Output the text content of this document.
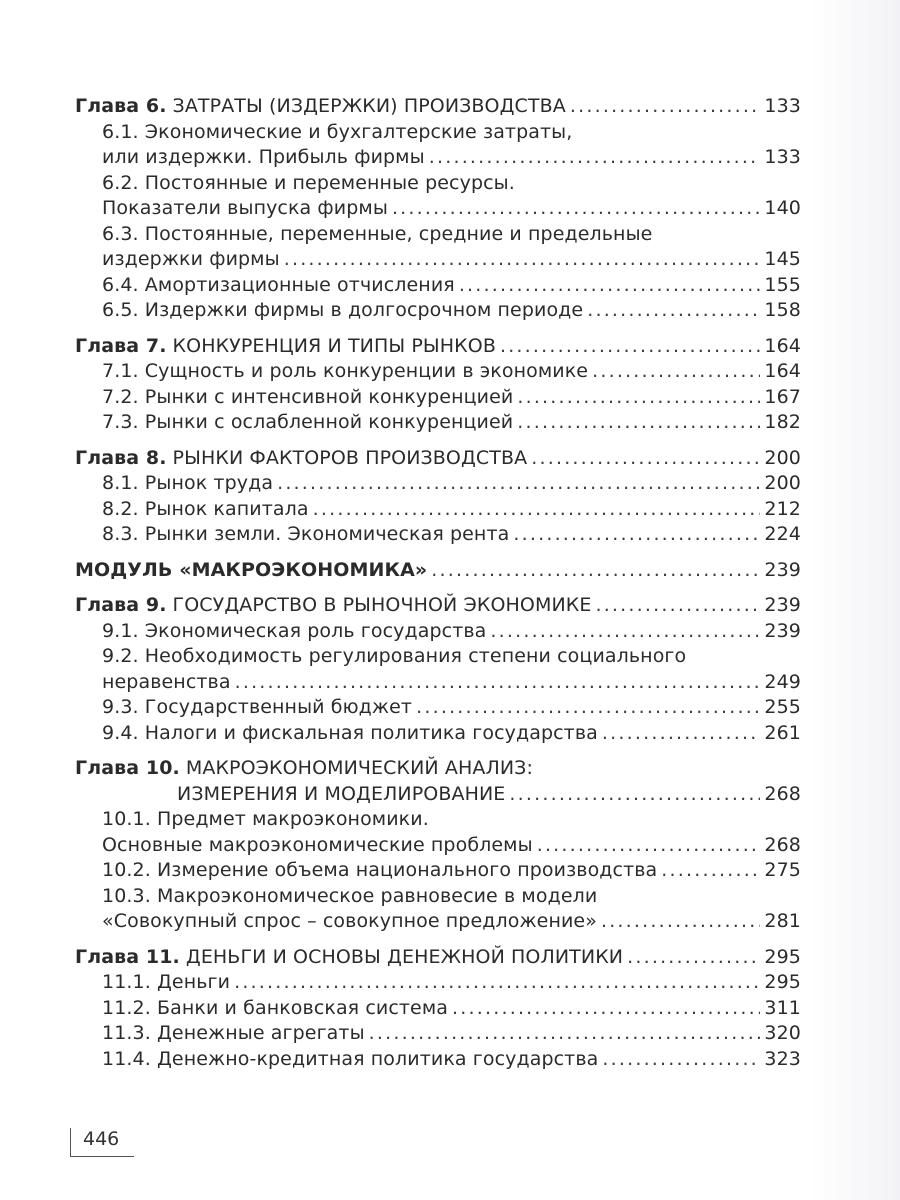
Глава 6. ЗАТРАТЫ (ИЗДЕРЖКИ) ПРОИЗВОДСТВА .....	133
6.1. Экономические и бухгалтерские затраты,
или издержки. Прибыль фирмы .....	133
6.2. Постоянные и переменные ресурсы.
Показатели выпуска фирмы .....	140
6.3. Постоянные, переменные, средние и предельные
издержки фирмы .....	145
6.4. Амортизационные отчисления .....	155
6.5. Издержки фирмы в долгосрочном периоде .....	158
Глава 7. КОНКУРЕНЦИЯ И ТИПЫ РЫНКОВ .....	164
7.1. Сущность и роль конкуренции в экономике .....	164
7.2. Рынки с интенсивной конкуренцией .....	167
7.3. Рынки с ослабленной конкуренцией .....	182
Глава 8. РЫНКИ ФАКТОРОВ ПРОИЗВОДСТВА .....	200
8.1. Рынок труда .....	200
8.2. Рынок капитала .....	212
8.3. Рынки земли. Экономическая рента .....	224
МОДУЛЬ «МАКРОЭКОНОМИКА» .....	239
Глава 9. ГОСУДАРСТВО В РЫНОЧНОЙ ЭКОНОМИКЕ .....	239
9.1. Экономическая роль государства .....	239
9.2. Необходимость регулирования степени социального
неравенства .....	249
9.3. Государственный бюджет .....	255
9.4. Налоги и фискальная политика государства .....	261
Глава 10. МАКРОЭКОНОМИЧЕСКИЙ АНАЛИЗ:
ИЗМЕРЕНИЯ И МОДЕЛИРОВАНИЕ .....	268
10.1. Предмет макроэкономики.
Основные макроэкономические проблемы .....	268
10.2. Измерение объема национального производства .....	275
10.3. Макроэкономическое равновесие в модели
«Совокупный спрос – совокупное предложение» .....	281
Глава 11. ДЕНЬГИ И ОСНОВЫ ДЕНЕЖНОЙ ПОЛИТИКИ .....	295
11.1. Деньги .....	295
11.2. Банки и банковская система .....	311
11.3. Денежные агрегаты .....	320
11.4. Денежно-кредитная политика государства .....	323
446
